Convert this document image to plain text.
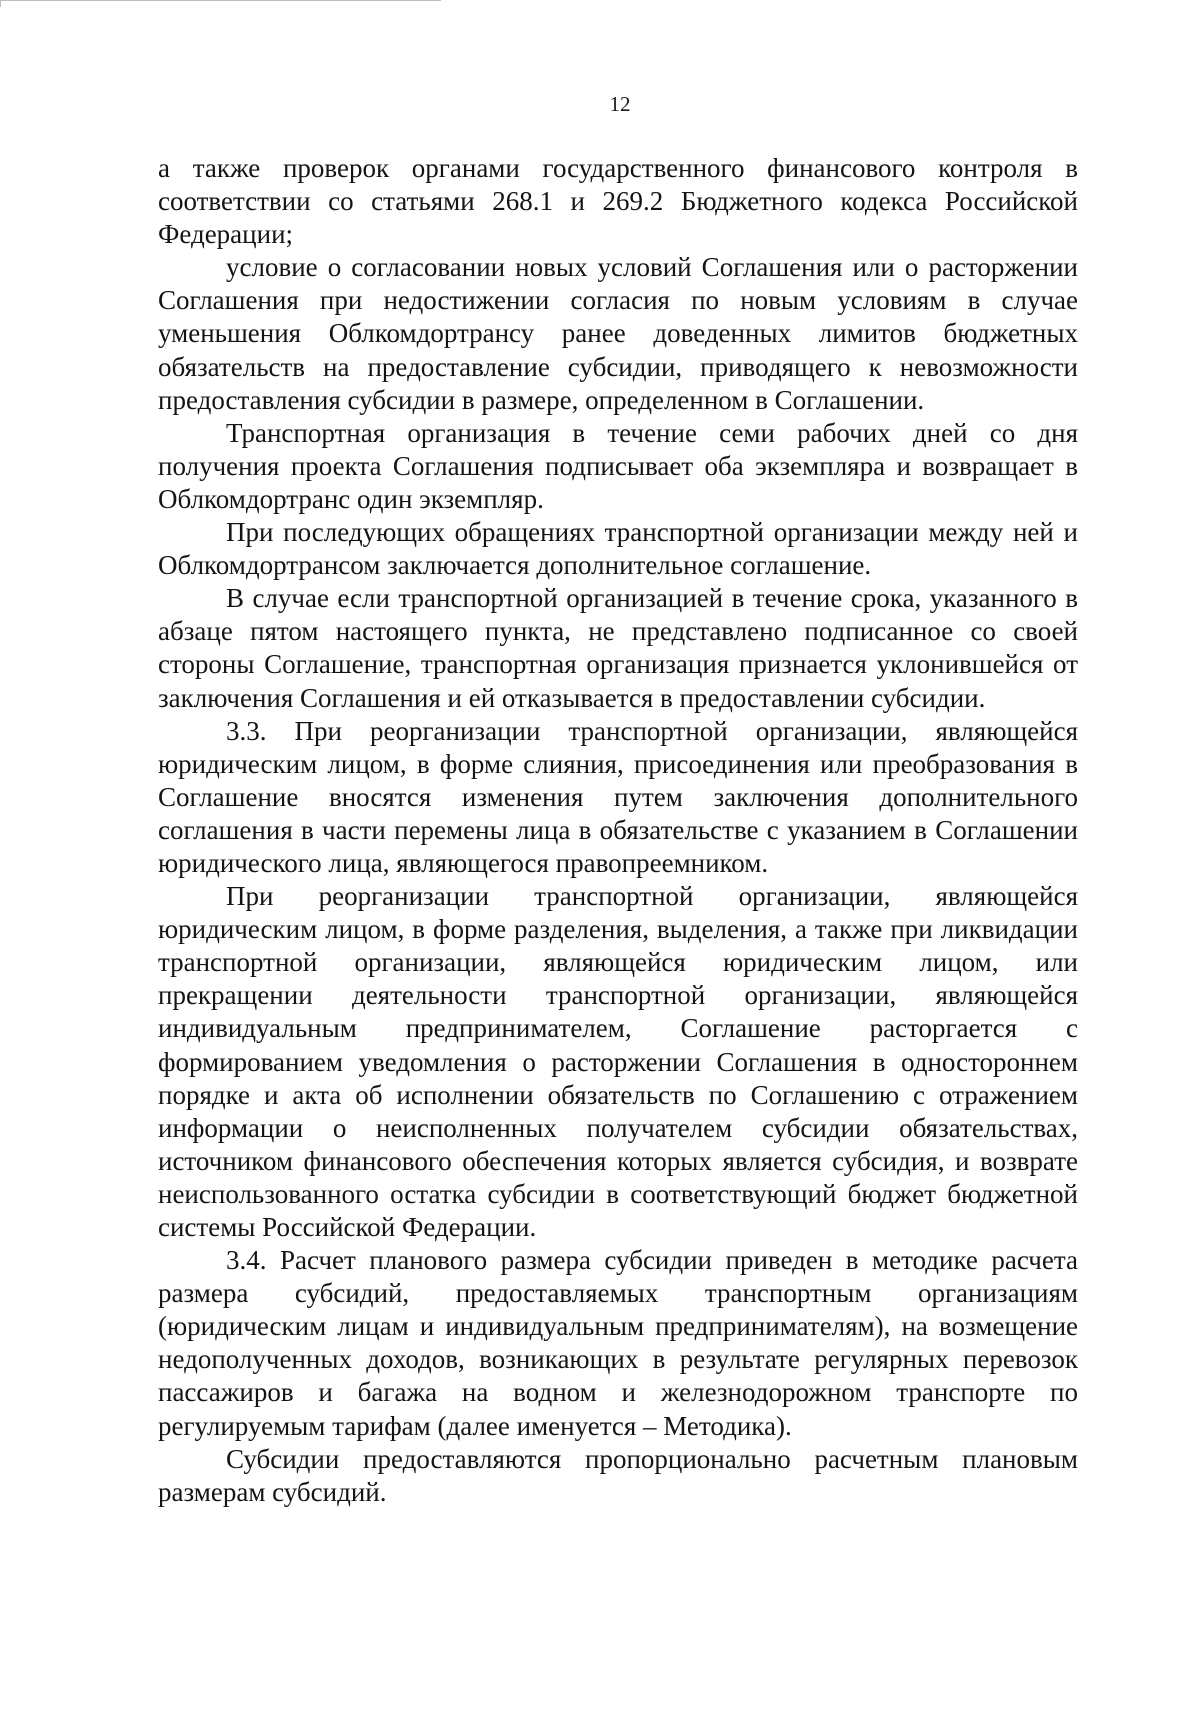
12

а также проверок органами государственного финансового контроля в соответствии со статьями 268.1 и 269.2 Бюджетного кодекса Российской Федерации;

условие о согласовании новых условий Соглашения или о расторжении Соглашения при недостижении согласия по новым условиям в случае уменьшения Облкомдортрансу ранее доведенных лимитов бюджетных обязательств на предоставление субсидии, приводящего к невозможности предоставления субсидии в размере, определенном в Соглашении.

Транспортная организация в течение семи рабочих дней со дня получения проекта Соглашения подписывает оба экземпляра и возвращает в Облкомдортранс один экземпляр.

При последующих обращениях транспортной организации между ней и Облкомдортрансом заключается дополнительное соглашение.

В случае если транспортной организацией в течение срока, указанного в абзаце пятом настоящего пункта, не представлено подписанное со своей стороны Соглашение, транспортная организация признается уклонившейся от заключения Соглашения и ей отказывается в предоставлении субсидии.

3.3. При реорганизации транспортной организации, являющейся юридическим лицом, в форме слияния, присоединения или преобразования в Соглашение вносятся изменения путем заключения дополнительного соглашения в части перемены лица в обязательстве с указанием в Соглашении юридического лица, являющегося правопреемником.

При реорганизации транспортной организации, являющейся юридическим лицом, в форме разделения, выделения, а также при ликвидации транспортной организации, являющейся юридическим лицом, или прекращении деятельности транспортной организации, являющейся индивидуальным предпринимателем, Соглашение расторгается с формированием уведомления о расторжении Соглашения в одностороннем порядке и акта об исполнении обязательств по Соглашению с отражением информации о неисполненных получателем субсидии обязательствах, источником финансового обеспечения которых является субсидия, и возврате неиспользованного остатка субсидии в соответствующий бюджет бюджетной системы Российской Федерации.

3.4. Расчет планового размера субсидии приведен в методике расчета размера субсидий, предоставляемых транспортным организациям (юридическим лицам и индивидуальным предпринимателям), на возмещение недополученных доходов, возникающих в результате регулярных перевозок пассажиров и багажа на водном и железнодорожном транспорте по регулируемым тарифам (далее именуется – Методика).

Субсидии предоставляются пропорционально расчетным плановым размерам субсидий.
